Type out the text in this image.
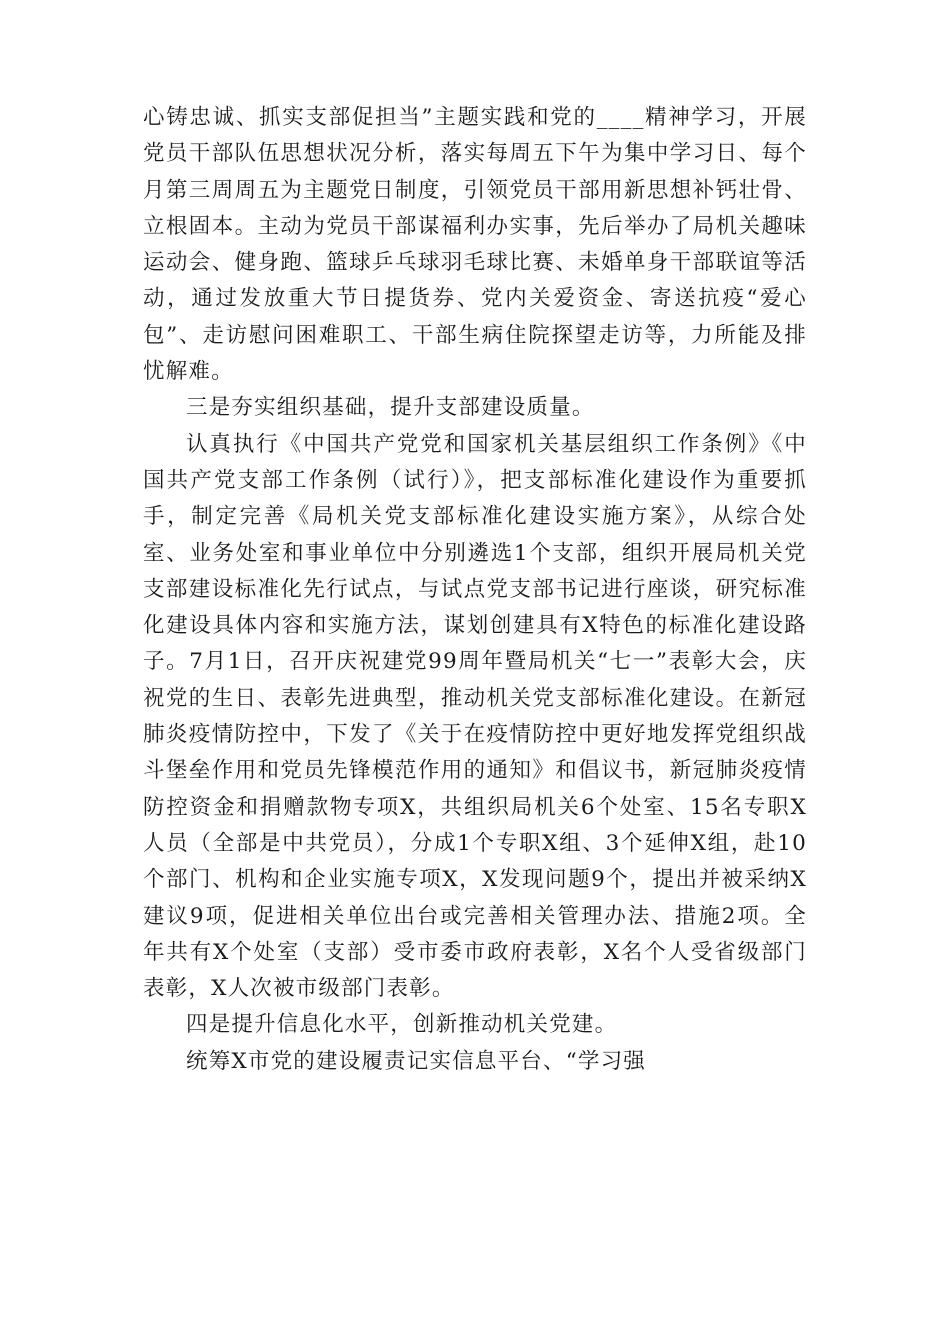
心铸忠诚、抓实支部促担当”主题实践和党的____精神学习，开展党员干部队伍思想状况分析，落实每周五下午为集中学习日、每个月第三周周五为主题党日制度，引领党员干部用新思想补钙壮骨、立根固本。主动为党员干部谋福利办实事，先后举办了局机关趣味运动会、健身跑、篮球乒乓球羽毛球比赛、未婚单身干部联谊等活动，通过发放重大节日提货券、党内关爱资金、寄送抗疫“爱心包”、走访慰问困难职工、干部生病住院探望走访等，力所能及排忧解难。

三是夯实组织基础，提升支部建设质量。

认真执行《中国共产党党和国家机关基层组织工作条例》《中国共产党支部工作条例（试行）》，把支部标准化建设作为重要抓手，制定完善《局机关党支部标准化建设实施方案》，从综合处室、业务处室和事业单位中分别遴选1个支部，组织开展局机关党支部建设标准化先行试点，与试点党支部书记进行座谈，研究标准化建设具体内容和实施方法，谋划创建具有X特色的标准化建设路子。7月1日，召开庆祝建党99周年暨局机关“七一”表彰大会，庆祝党的生日、表彰先进典型，推动机关党支部标准化建设。在新冠肺炎疫情防控中，下发了《关于在疫情防控中更好地发挥党组织战斗堡垒作用和党员先锋模范作用的通知》和倡议书，新冠肺炎疫情防控资金和捐赠款物专项X，共组织局机关6个处室、15名专职X人员（全部是中共党员），分成1个专职X组、3个延伸X组，赴10个部门、机构和企业实施专项X，X发现问题9个，提出并被采纳X建议9项，促进相关单位出台或完善相关管理办法、措施2项。全年共有X个处室（支部）受市委市政府表彰，X名个人受省级部门表彰，X人次被市级部门表彰。

四是提升信息化水平，创新推动机关党建。

统筹X市党的建设履责记实信息平台、“学习强
